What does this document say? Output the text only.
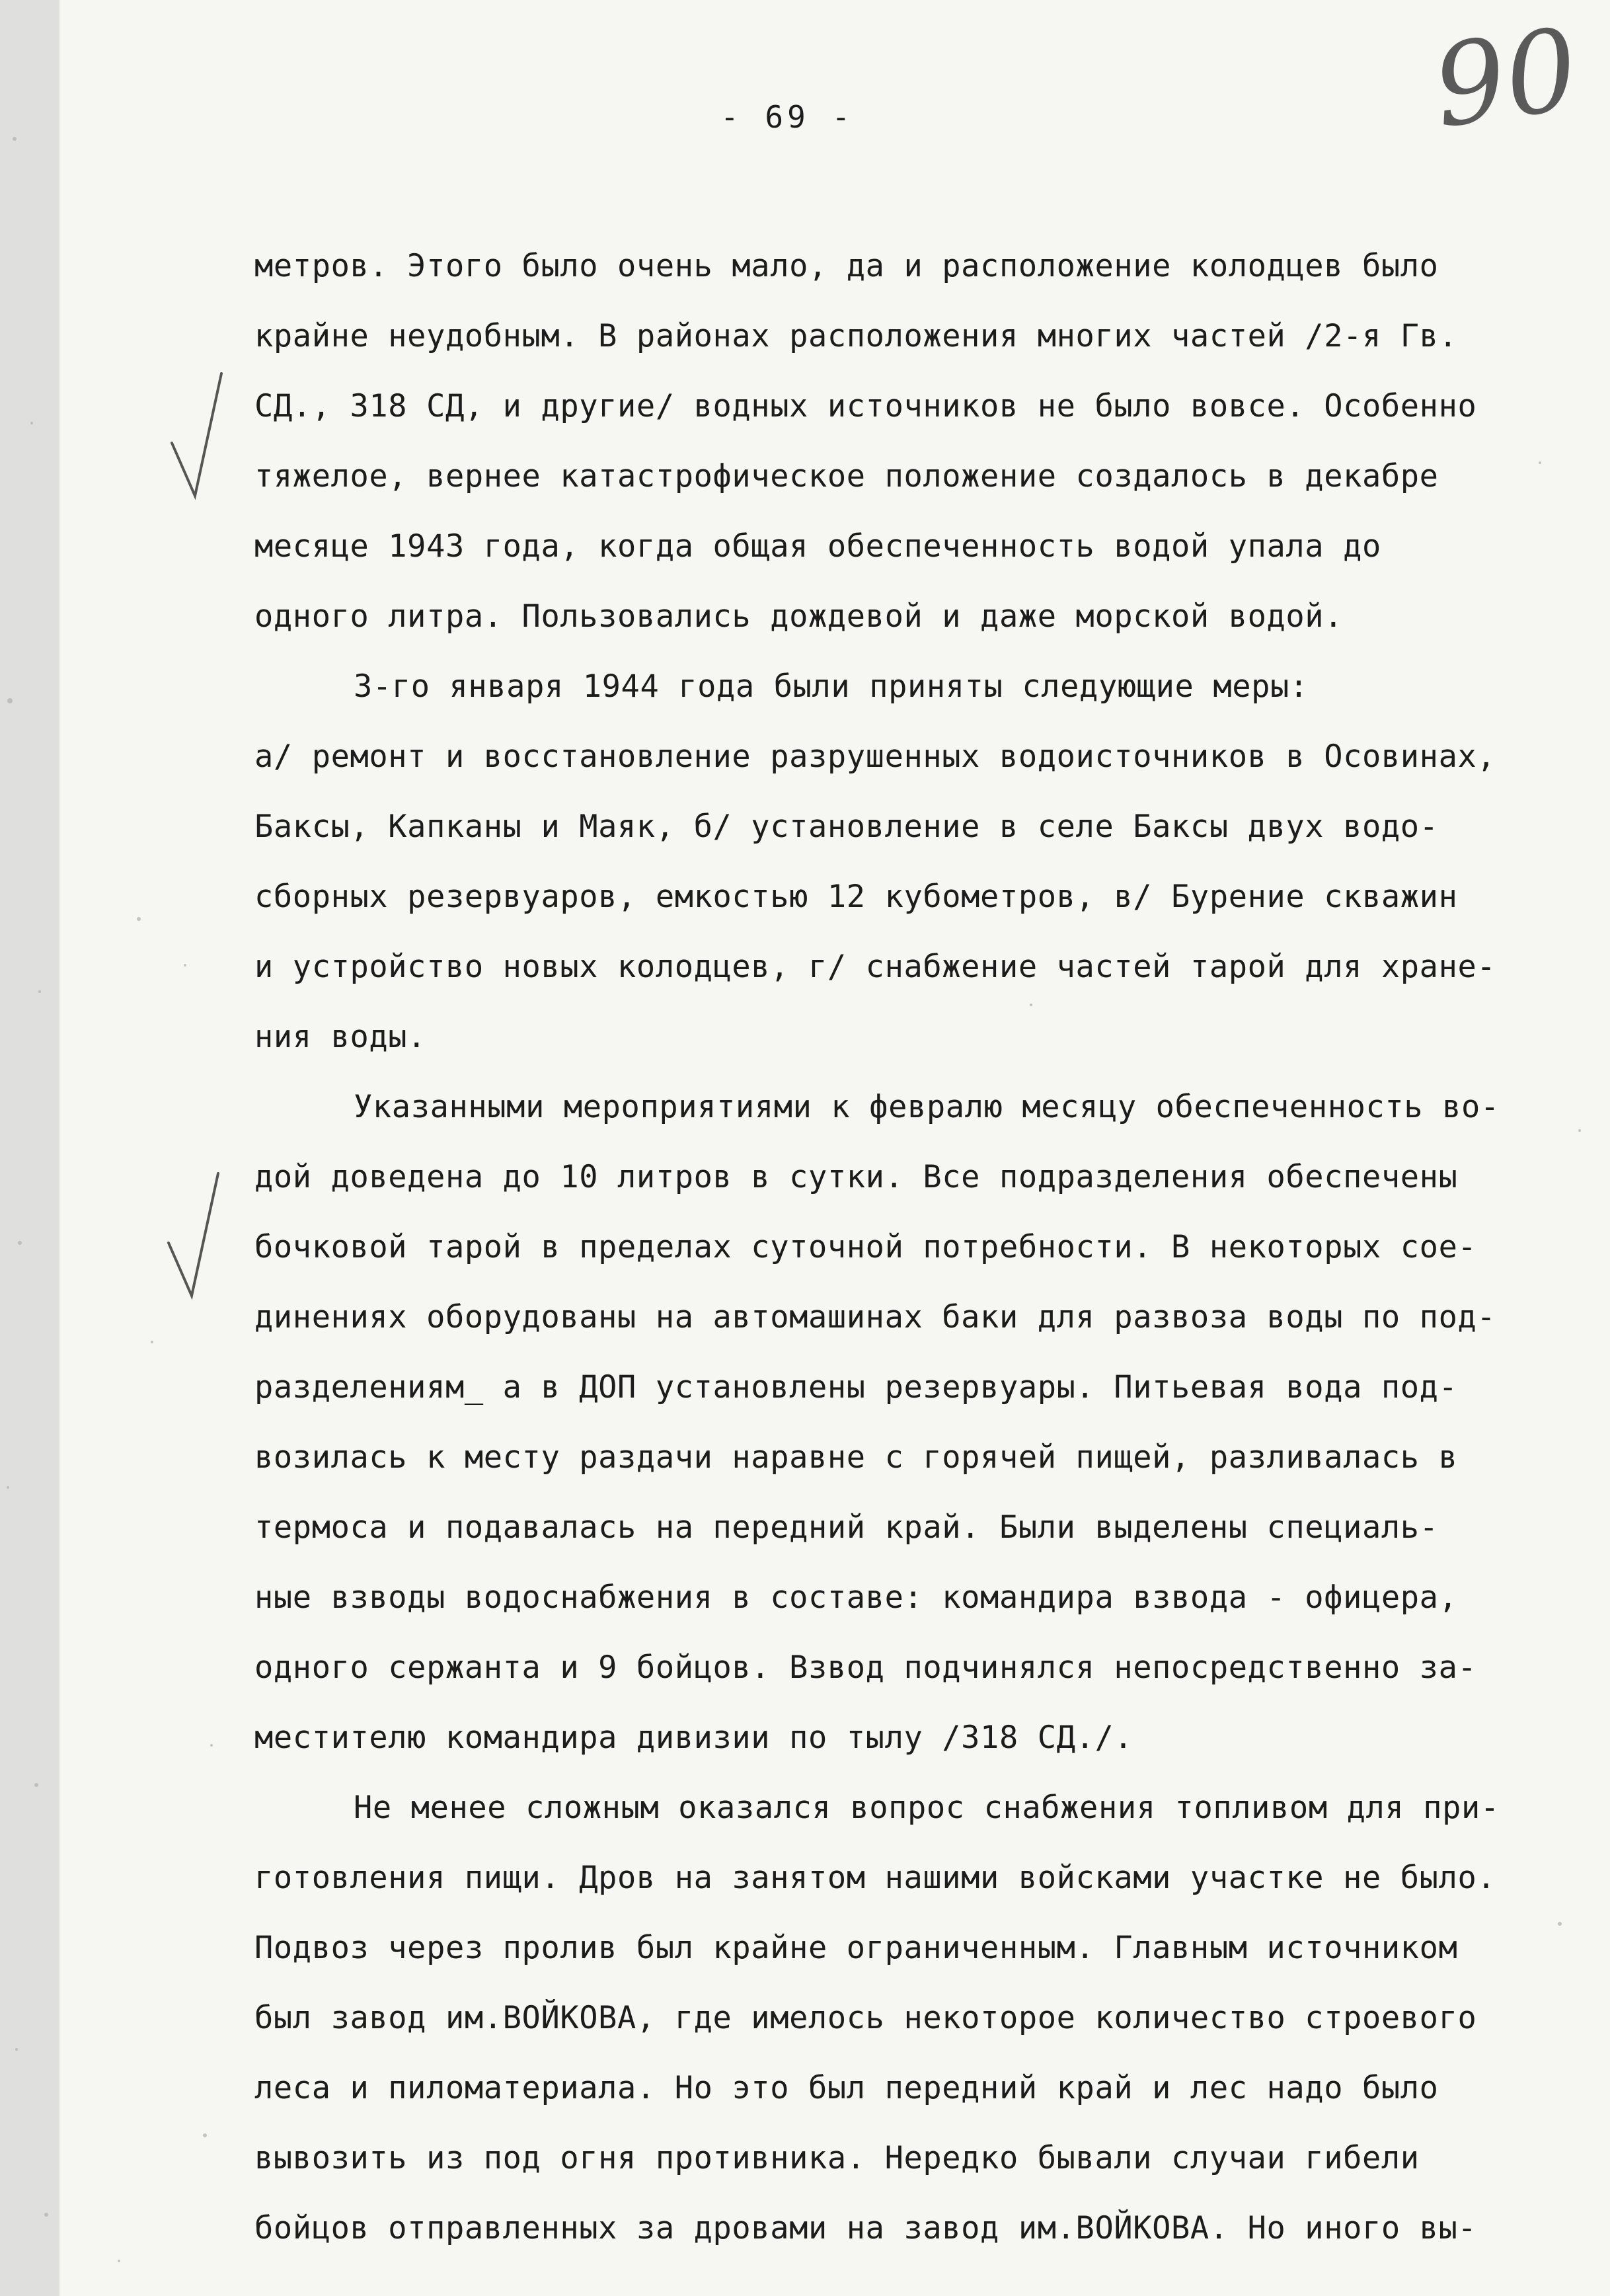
- 69 -	90
метров. Этого было очень мало, да и расположение колодцев было
крайне неудобным. В районах расположения многих частей /2-я Гв.
СД., 318 СД, и другие/ водных источников не было вовсе. Особенно
тяжелое, вернее катастрофическое положение создалось в декабре
месяце 1943 года, когда общая обеспеченность водой упала до
одного литра. Пользовались дождевой и даже морской водой.
3-го января 1944 года были приняты следующие меры:
а/ ремонт и восстановление разрушенных водоисточников в Осовинах,
Баксы, Капканы и Маяк, б/ установление в селе Баксы двух водо-
сборных резервуаров, емкостью 12 кубометров, в/ Бурение скважин
и устройство новых колодцев, г/ снабжение частей тарой для хране-
ния воды.
Указанными мероприятиями к февралю месяцу обеспеченность во-
дой доведена до 10 литров в сутки. Все подразделения обеспечены
бочковой тарой в пределах суточной потребности. В некоторых сое-
динениях оборудованы на автомашинах баки для развоза воды по под-
разделениям_ а в ДОП установлены резервуары. Питьевая вода под-
возилась к месту раздачи наравне с горячей пищей, разливалась в
термоса и подавалась на передний край. Были выделены специаль-
ные взводы водоснабжения в составе: командира взвода - офицера,
одного сержанта и 9 бойцов. Взвод подчинялся непосредственно за-
местителю командира дивизии по тылу /318 СД./.
Не менее сложным оказался вопрос снабжения топливом для при-
готовления пищи. Дров на занятом нашими войсками участке не было.
Подвоз через пролив был крайне ограниченным. Главным источником
был завод им.ВОЙКОВА, где имелось некоторое количество строевого
леса и пиломатериала. Но это был передний край и лес надо было
вывозить из под огня противника. Нередко бывали случаи гибели
бойцов отправленных за дровами на завод им.ВОЙКОВА. Но иного вы-
